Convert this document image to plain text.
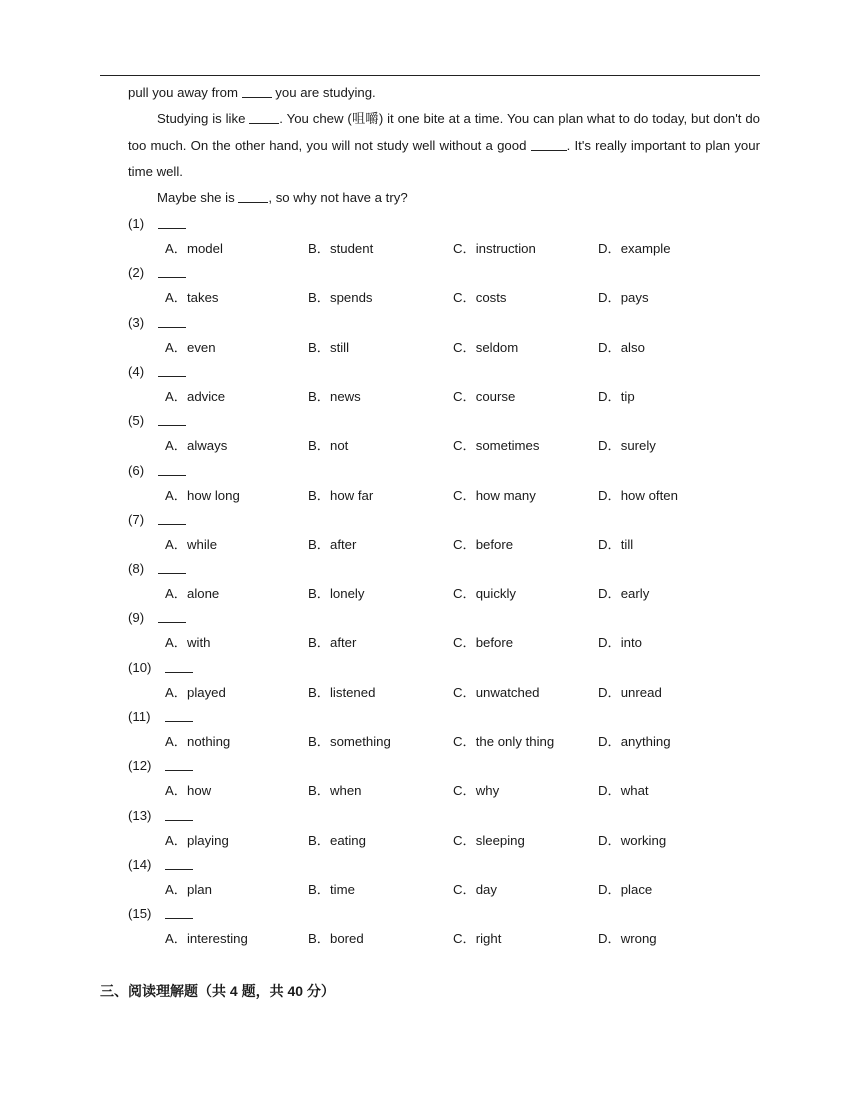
pull you away from  you are studying.
Studying is like . You chew (咀嚼) it one bite at a time. You can plan what to do today, but don't do too much. On the other hand, you will not study well without a good	. It's really important to plan your time well.
Maybe she is , so why not have a try?
(1)
A．model	B．student	C．instruction	D．example
(2)
A．takes	B．spends	C．costs	D．pays
(3)
A．even	B．still	C．seldom	D．also
(4)
A．advice	B．news	C．course	D．tip
(5)
A．always	B．not	C．sometimes	D．surely
(6)
A．how long	B．how far	C．how many	D．how often
(7)
A．while	B．after	C．before	D．till
(8)
A．alone	B．lonely	C．quickly	D．early
(9)
A．with	B．after	C．before	D．into
(10)
A．played	B．listened	C．unwatched	D．unread
(11)
A．nothing	B．something	C．the only thing	D．anything
(12)
A．how	B．when	C．why	D．what
(13)
A．playing	B．eating	C．sleeping	D．working
(14)
A．plan	B．time	C．day	D．place
(15)
A．interesting	B．bored	C．right	D．wrong
三、阅读理解题（共 4 题，共 40 分）
